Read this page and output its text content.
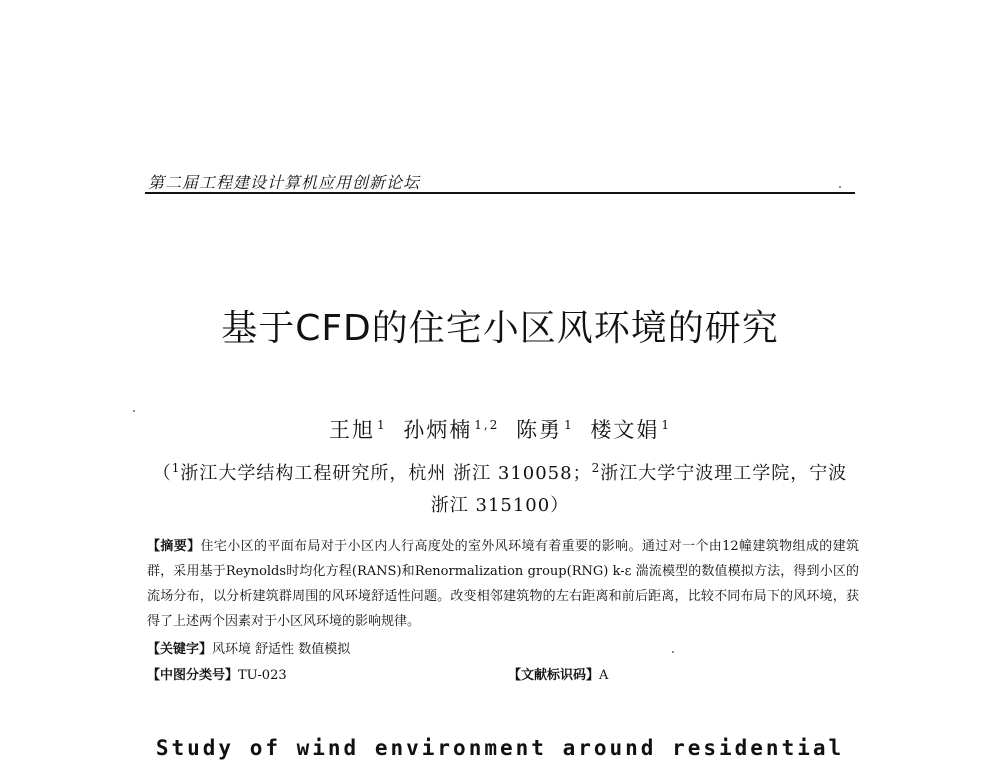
第二届工程建设计算机应用创新论坛
基于CFD的住宅小区风环境的研究
王旭 $^1$ 孙炳楠 $^{1,2}$ 陈勇 $^1$ 楼文娟 $^1$
（$^1$浙江大学结构工程研究所，杭州 浙江 310058；$^2$浙江大学宁波理工学院，宁波 浙江 315100）
【摘要】住宅小区的平面布局对于小区内人行高度处的室外风环境有着重要的影响。通过对一个由12幢建筑物组成的建筑群，采用基于Reynolds时均化方程(RANS)和Renormalization group(RNG) k-ε 湍流模型的数值模拟方法，得到小区的流场分布，以分析建筑群周围的风环境舒适性问题。改变相邻建筑物的左右距离和前后距离，比较不同布局下的风环境，获得了上述两个因素对于小区风环境的影响规律。
【关键字】风环境 舒适性 数值模拟
【中图分类号】TU-023	【文献标识码】A
Study of wind environment around residential
